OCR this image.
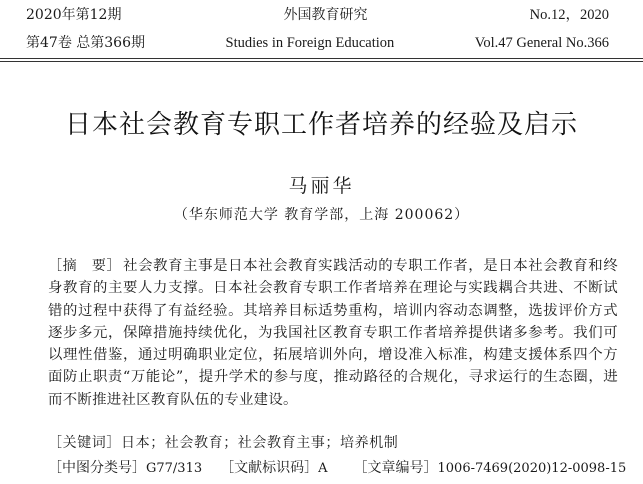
2020年第12期	外国教育研究	No.12，2020
第47卷 总第366期	Studies in Foreign Education	Vol.47 General No.366
日本社会教育专职工作者培养的经验及启示
马丽华
（华东师范大学 教育学部，上海 200062）

［摘　要］ 社会教育主事是日本社会教育实践活动的专职工作者，是日本社会教育和终身教育的主要人力支撑。日本社会教育专职工作者培养在理论与实践耦合共进、不断试错的过程中获得了有益经验。其培养目标适势重构，培训内容动态调整，选拔评价方式逐步多元，保障措施持续优化，为我国社区教育专职工作者培养提供诸多参考。我们可以理性借鉴，通过明确职业定位，拓展培训外向，增设准入标准，构建支援体系四个方面防止职责“万能论”，提升学术的参与度，推动路径的合规化，寻求运行的生态圈，进而不断推进社区教育队伍的专业建设。

［关键词］日本；社会教育；社会教育主事；培养机制
［中图分类号］G77/313 ［文献标识码］A ［文章编号］1006-7469(2020)12-0098-15
